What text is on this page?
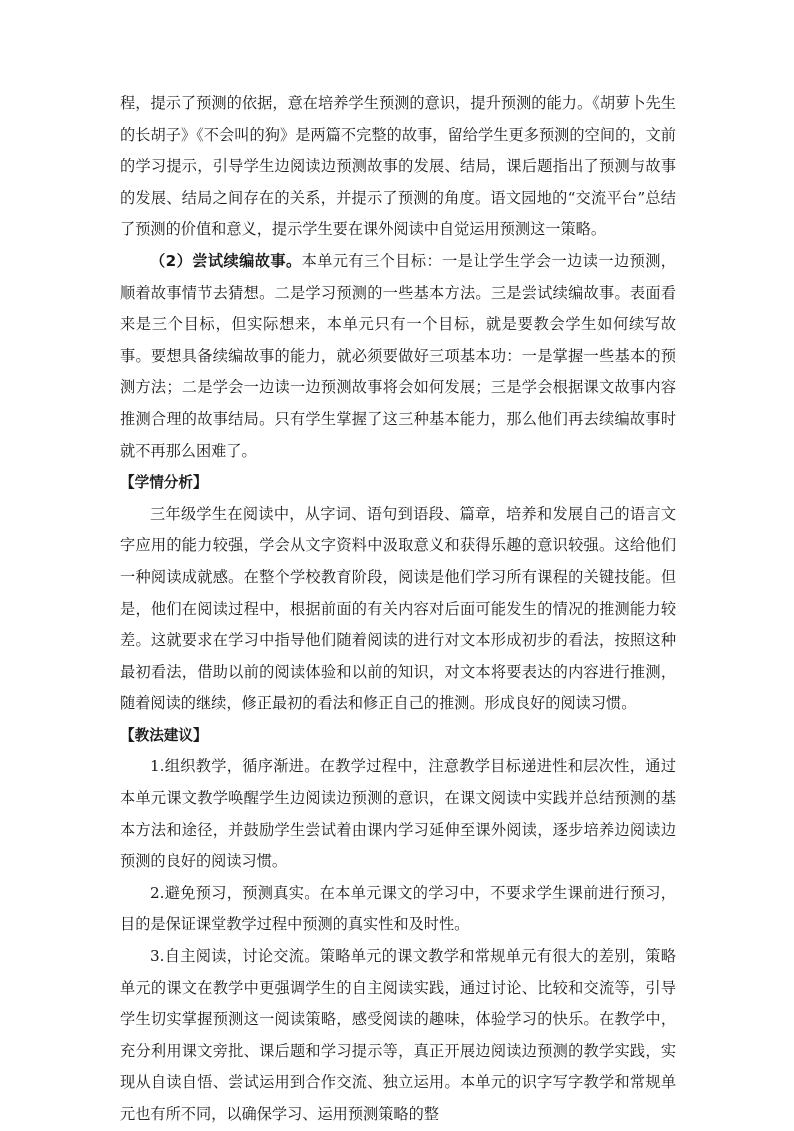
程，提示了预测的依据，意在培养学生预测的意识，提升预测的能力。《胡萝卜先生的长胡子》《不会叫的狗》是两篇不完整的故事，留给学生更多预测的空间的，文前的学习提示，引导学生边阅读边预测故事的发展、结局，课后题指出了预测与故事的发展、结局之间存在的关系，并提示了预测的角度。语文园地的“交流平台”总结了预测的价值和意义，提示学生要在课外阅读中自觉运用预测这一策略。

（2）尝试续编故事。本单元有三个目标：一是让学生学会一边读一边预测，顺着故事情节去猜想。二是学习预测的一些基本方法。三是尝试续编故事。表面看来是三个目标，但实际想来，本单元只有一个目标，就是要教会学生如何续写故事。要想具备续编故事的能力，就必须要做好三项基本功：一是掌握一些基本的预测方法；二是学会一边读一边预测故事将会如何发展；三是学会根据课文故事内容推测合理的故事结局。只有学生掌握了这三种基本能力，那么他们再去续编故事时就不再那么困难了。

【学情分析】

三年级学生在阅读中，从字词、语句到语段、篇章，培养和发展自己的语言文字应用的能力较强，学会从文字资料中汲取意义和获得乐趣的意识较强。这给他们一种阅读成就感。在整个学校教育阶段，阅读是他们学习所有课程的关键技能。但是，他们在阅读过程中，根据前面的有关内容对后面可能发生的情况的推测能力较差。这就要求在学习中指导他们随着阅读的进行对文本形成初步的看法，按照这种最初看法，借助以前的阅读体验和以前的知识，对文本将要表达的内容进行推测，随着阅读的继续，修正最初的看法和修正自己的推测。形成良好的阅读习惯。

【教法建议】

1.组织教学，循序渐进。在教学过程中，注意教学目标递进性和层次性，通过本单元课文教学唤醒学生边阅读边预测的意识，在课文阅读中实践并总结预测的基本方法和途径，并鼓励学生尝试着由课内学习延伸至课外阅读，逐步培养边阅读边预测的良好的阅读习惯。

2.避免预习，预测真实。在本单元课文的学习中，不要求学生课前进行预习，目的是保证课堂教学过程中预测的真实性和及时性。

3.自主阅读，讨论交流。策略单元的课文教学和常规单元有很大的差别，策略单元的课文在教学中更强调学生的自主阅读实践，通过讨论、比较和交流等，引导学生切实掌握预测这一阅读策略，感受阅读的趣味，体验学习的快乐。在教学中，充分利用课文旁批、课后题和学习提示等，真正开展边阅读边预测的教学实践，实现从自读自悟、尝试运用到合作交流、独立运用。本单元的识字写字教学和常规单元也有所不同，以确保学习、运用预测策略的整
